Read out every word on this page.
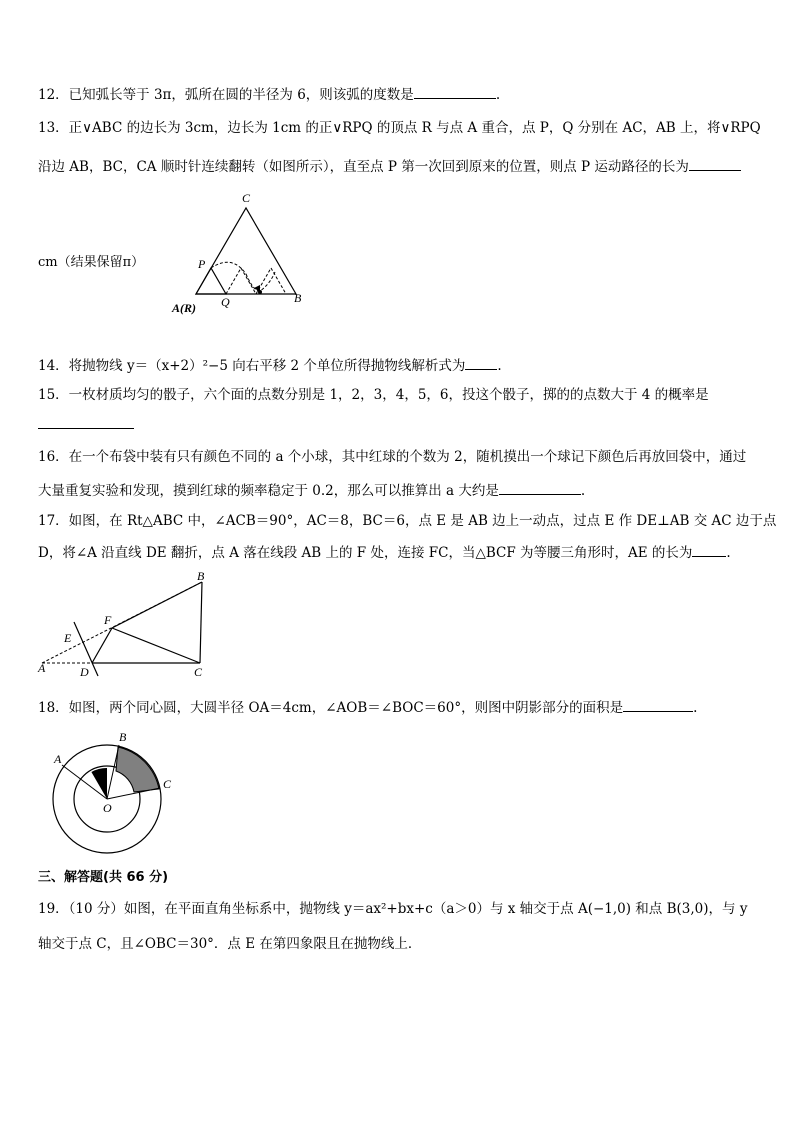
12．已知弧长等于 3π，弧所在圆的半径为 6，则该弧的度数是	.
13．正∨ABC 的边长为 3cm，边长为 1cm 的正∨RPQ 的顶点 R 与点 A 重合，点 P，Q 分别在 AC，AB 上，将∨RPQ
沿边 AB，BC，CA 顺时针连续翻转（如图所示），直至点 P 第一次回到原来的位置，则点 P 运动路径的长为
cm（结果保留π）
C
P
Q	B
A(R)
14．将抛物线 y＝（x+2）²−5 向右平移 2 个单位所得抛物线解析式为 .
15．一枚材质均匀的骰子，六个面的点数分别是 1，2，3，4，5，6，投这个骰子，掷的的点数大于 4 的概率是
16．在一个布袋中装有只有颜色不同的 a 个小球，其中红球的个数为 2，随机摸出一个球记下颜色后再放回袋中，通过
大量重复实验和发现，摸到红球的频率稳定于 0.2，那么可以推算出 a 大约是	.
17．如图，在 Rt△ABC 中，∠ACB＝90°，AC＝8，BC＝6，点 E 是 AB 边上一动点，过点 E 作 DE⊥AB 交 AC 边于点
D，将∠A 沿直线 DE 翻折，点 A 落在线段 AB 上的 F 处，连接 FC，当△BCF 为等腰三角形时，AE 的长为	.
B
F
E
A	D	C
18．如图，两个同心圆，大圆半径 OA＝4cm，∠AOB＝∠BOC＝60°，则图中阴影部分的面积是	.
A
B
C
O
三、解答题(共 66 分)
19．（10 分）如图，在平面直角坐标系中，抛物线 y＝ax²+bx+c（a＞0）与 x 轴交于点 A(−1,0) 和点 B(3,0)，与 y
轴交于点 C，且∠OBC＝30°．点 E 在第四象限且在抛物线上．
